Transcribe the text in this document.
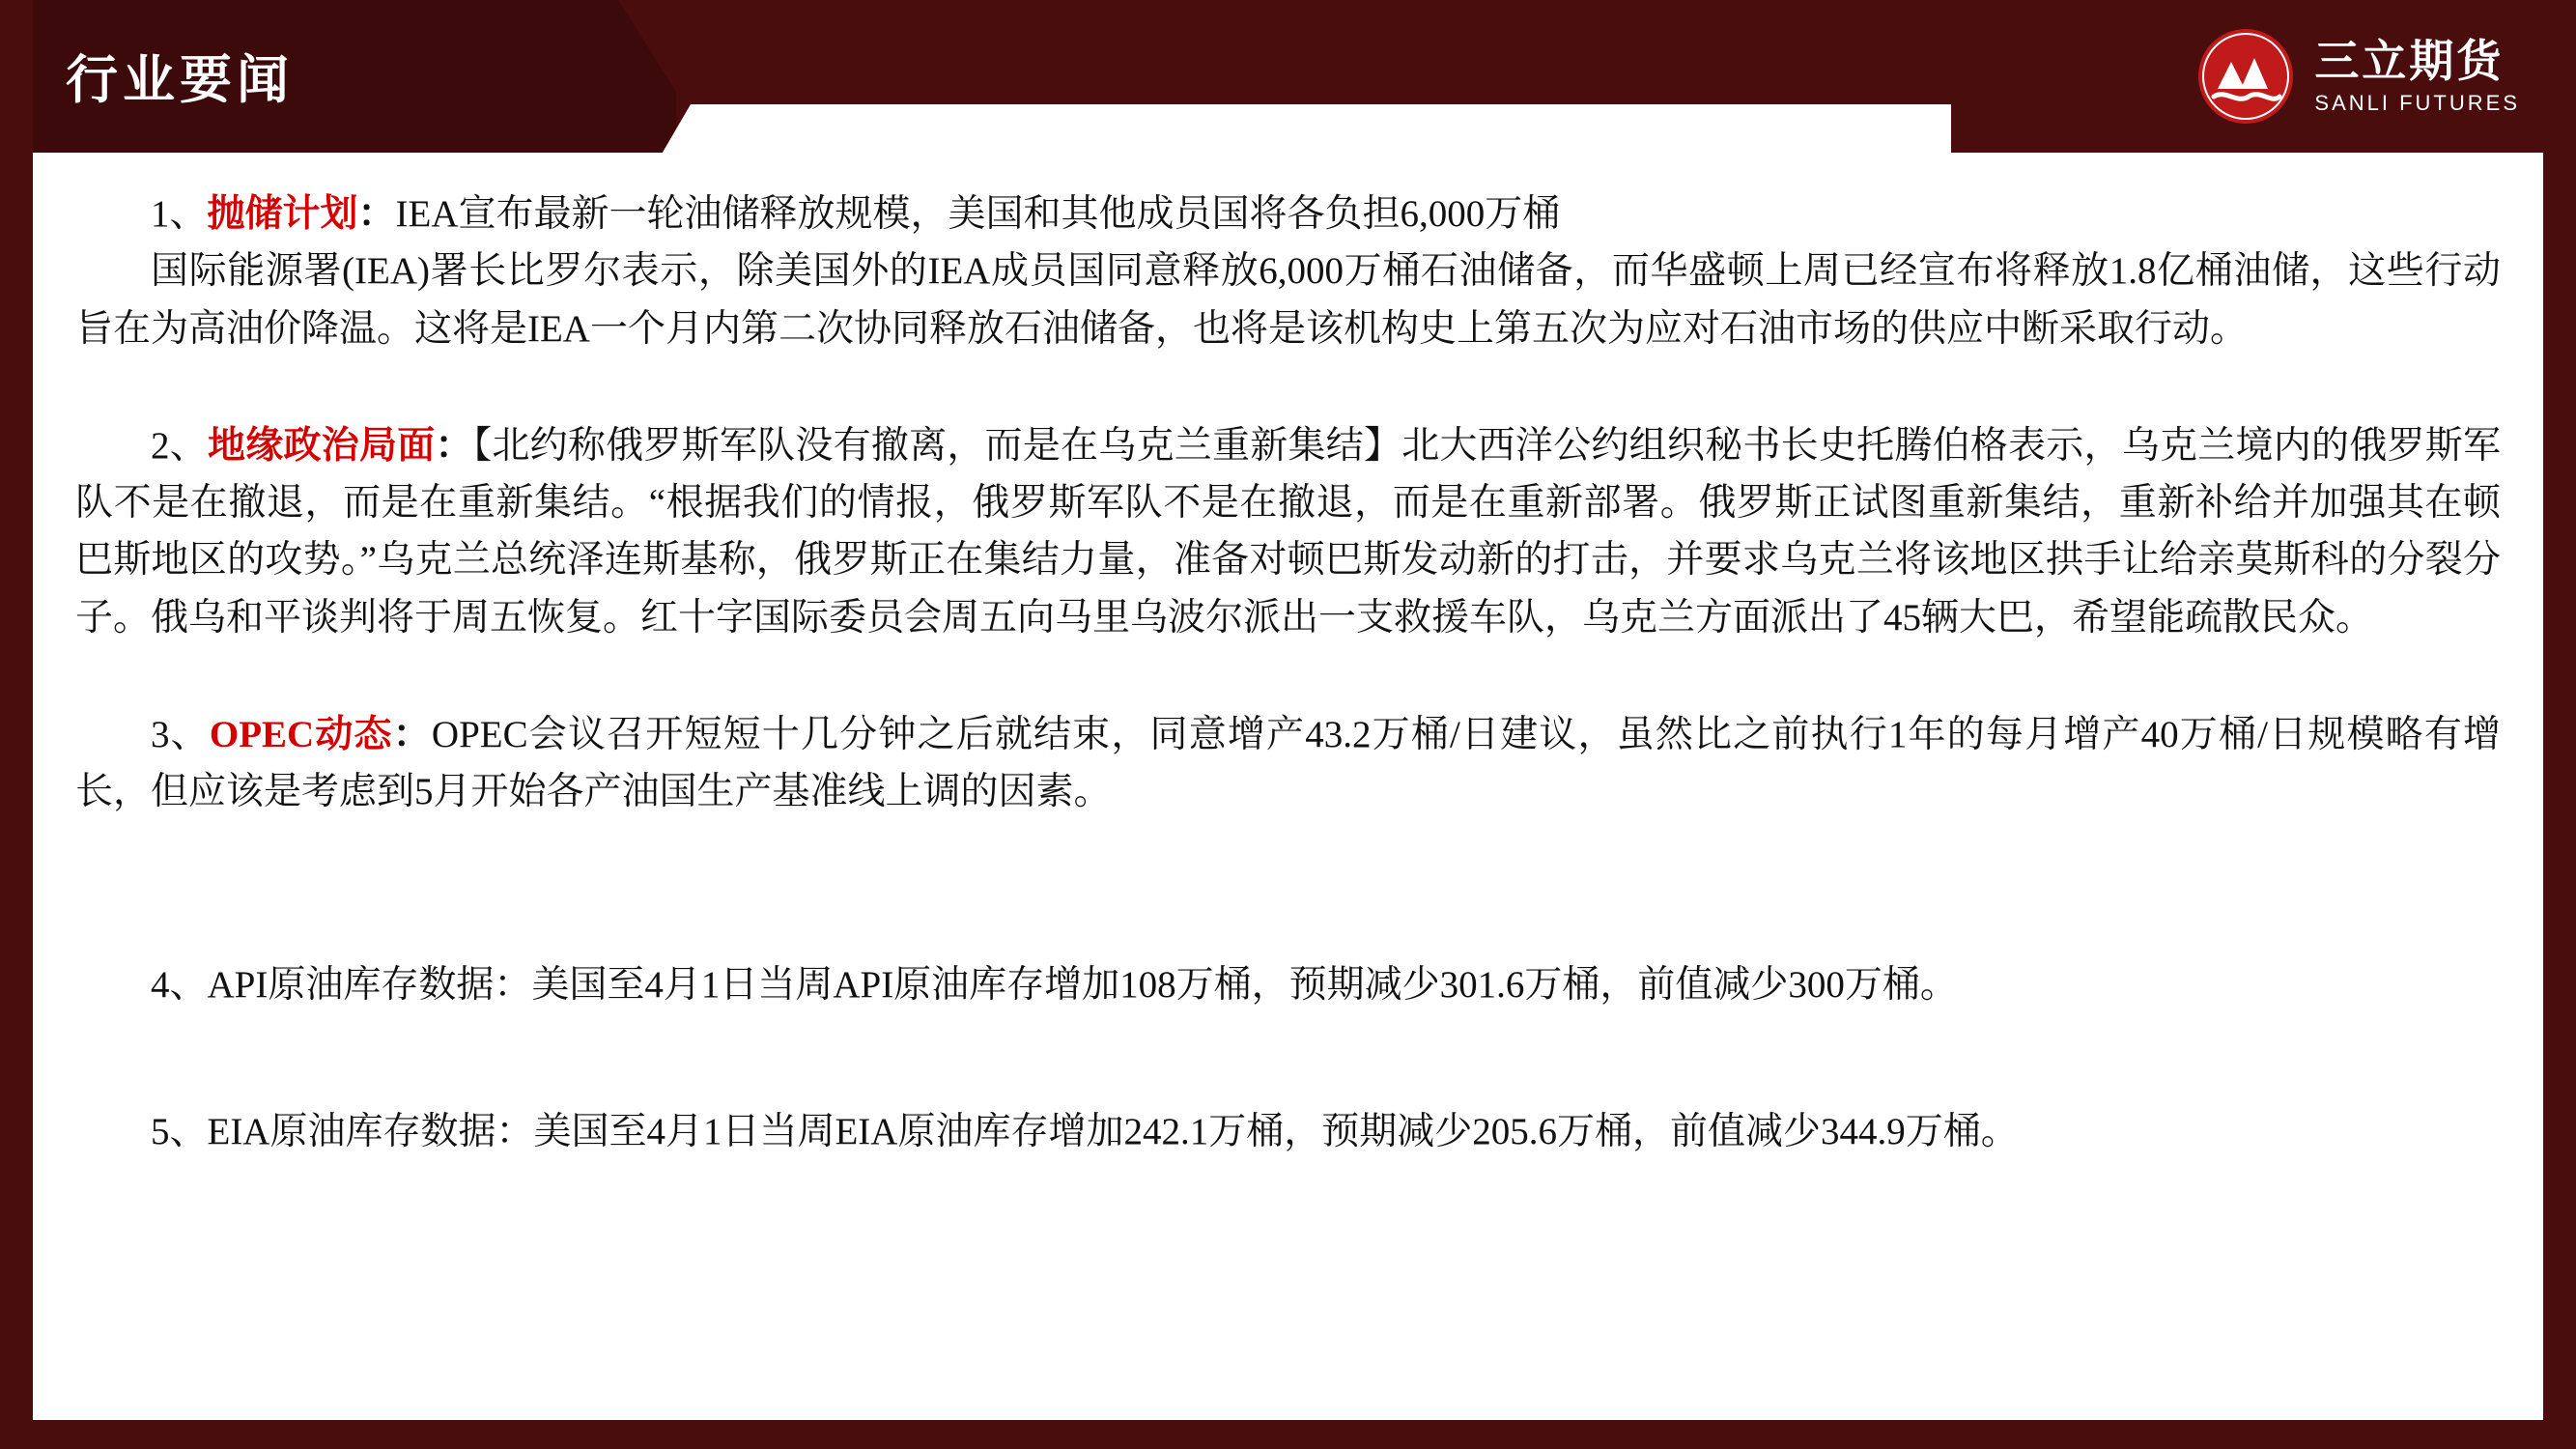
行业要闻	三立期货
SANLI FUTURES

1、抛储计划：IEA宣布最新一轮油储释放规模，美国和其他成员国将各负担6,000万桶

国际能源署(IEA)署长比罗尔表示，除美国外的IEA成员国同意释放6,000万桶石油储备，而华盛顿上周已经宣布将释放1.8亿桶油储，这些行动旨在为高油价降温。这将是IEA一个月内第二次协同释放石油储备，也将是该机构史上第五次为应对石油市场的供应中断采取行动。

2、地缘政治局面：【北约称俄罗斯军队没有撤离，而是在乌克兰重新集结】北大西洋公约组织秘书长史托腾伯格表示，乌克兰境内的俄罗斯军队不是在撤退，而是在重新集结。“根据我们的情报，俄罗斯军队不是在撤退，而是在重新部署。俄罗斯正试图重新集结，重新补给并加强其在顿巴斯地区的攻势。”乌克兰总统泽连斯基称，俄罗斯正在集结力量，准备对顿巴斯发动新的打击，并要求乌克兰将该地区拱手让给亲莫斯科的分裂分子。俄乌和平谈判将于周五恢复。红十字国际委员会周五向马里乌波尔派出一支救援车队，乌克兰方面派出了45辆大巴，希望能疏散民众。

3、OPEC动态：OPEC会议召开短短十几分钟之后就结束，同意增产43.2万桶/日建议，虽然比之前执行1年的每月增产40万桶/日规模略有增长，但应该是考虑到5月开始各产油国生产基准线上调的因素。

4、API原油库存数据：美国至4月1日当周API原油库存增加108万桶，预期减少301.6万桶，前值减少300万桶。

5、EIA原油库存数据：美国至4月1日当周EIA原油库存增加242.1万桶，预期减少205.6万桶，前值减少344.9万桶。
